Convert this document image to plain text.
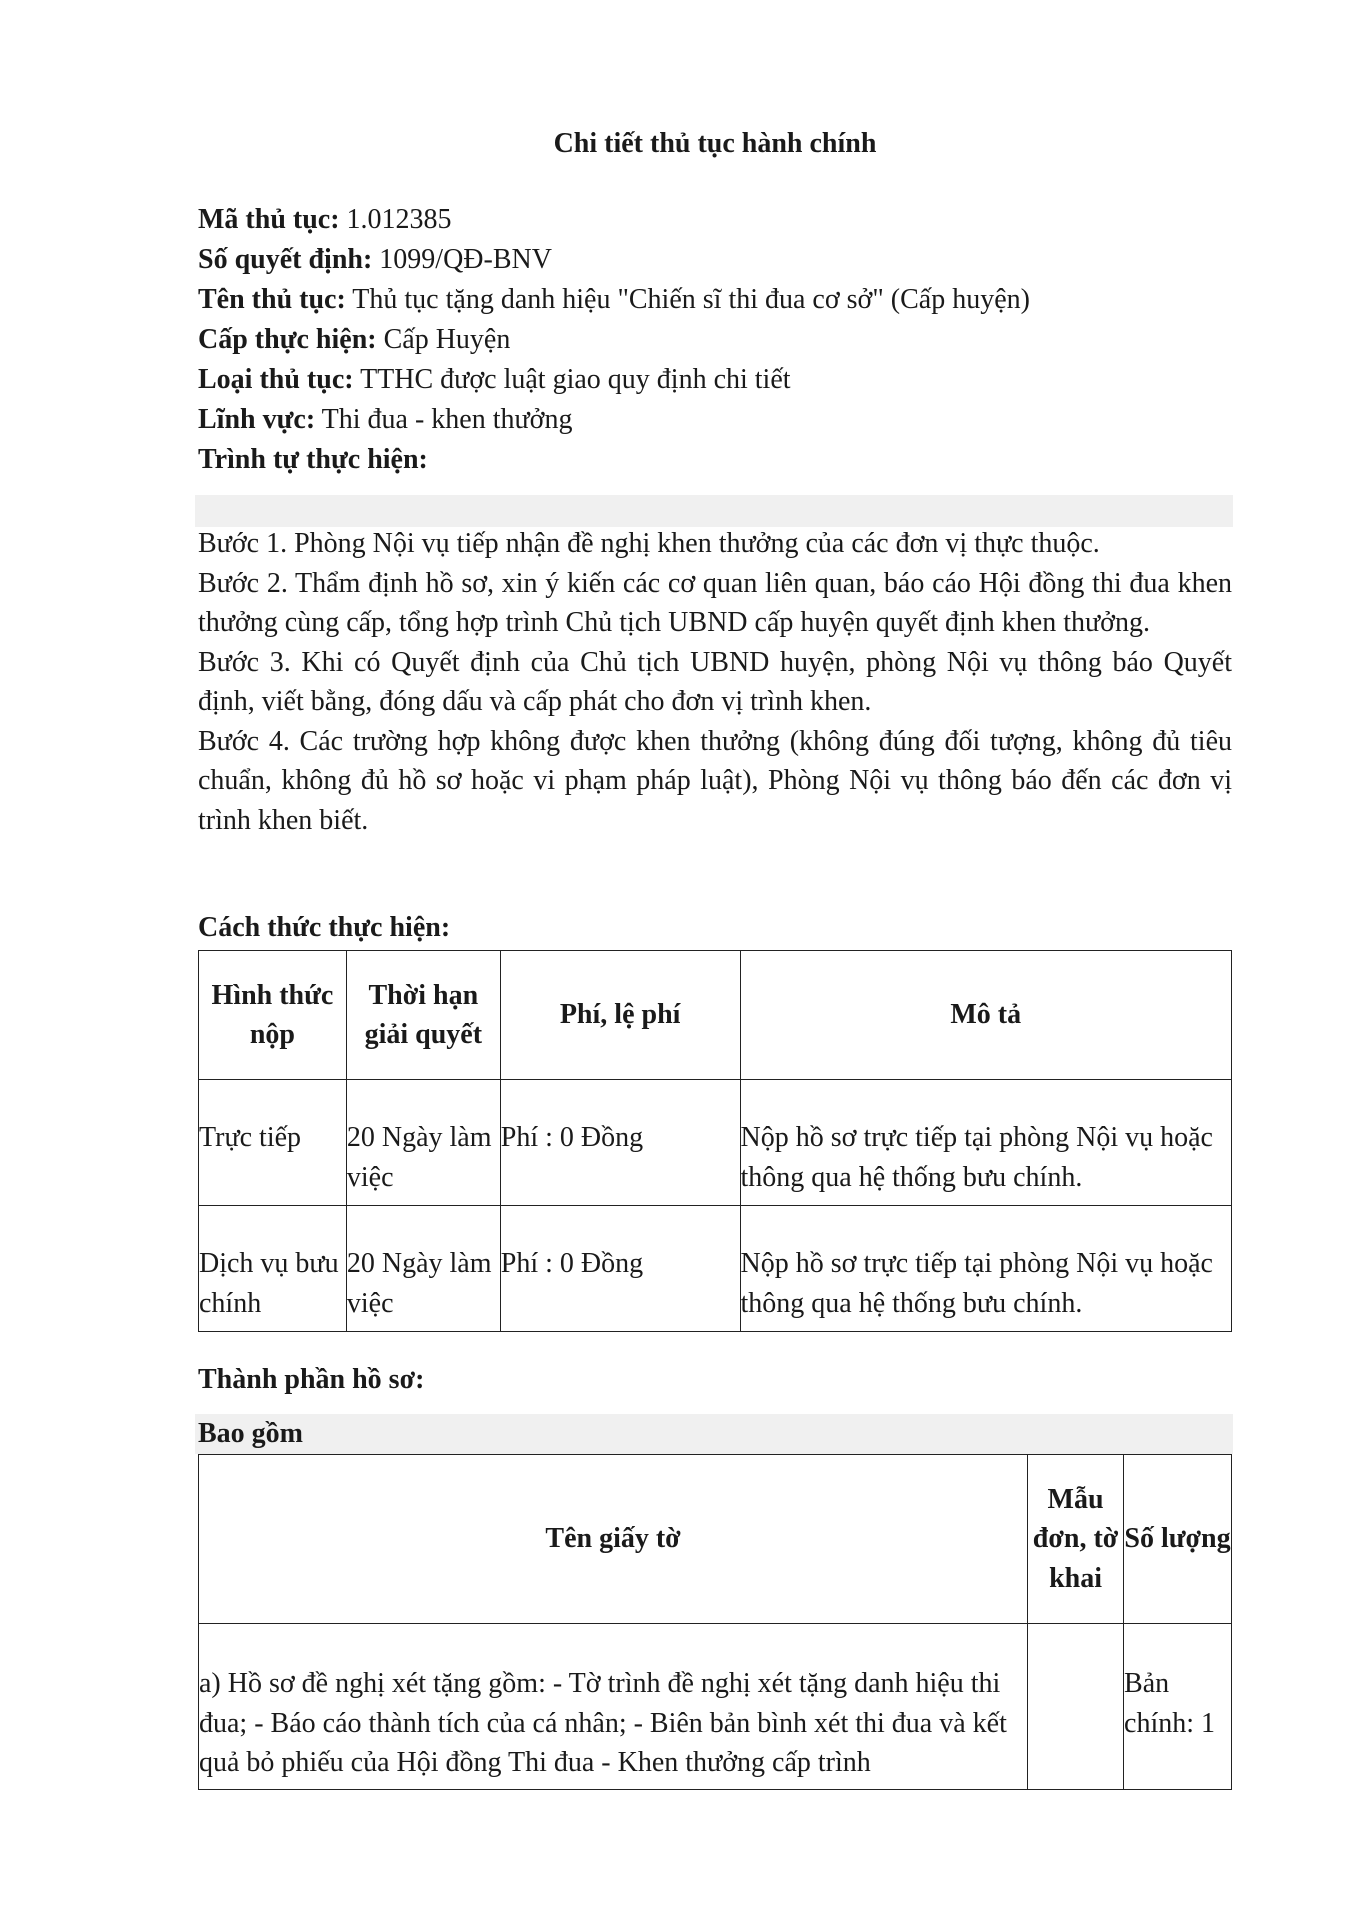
Chi tiết thủ tục hành chính
Mã thủ tục: 1.012385
Số quyết định: 1099/QĐ-BNV
Tên thủ tục: Thủ tục tặng danh hiệu "Chiến sĩ thi đua cơ sở" (Cấp huyện)
Cấp thực hiện: Cấp Huyện
Loại thủ tục: TTHC được luật giao quy định chi tiết
Lĩnh vực: Thi đua - khen thưởng
Trình tự thực hiện:

Bước 1. Phòng Nội vụ tiếp nhận đề nghị khen thưởng của các đơn vị thực thuộc.

Bước 2. Thẩm định hồ sơ, xin ý kiến các cơ quan liên quan, báo cáo Hội đồng thi đua khen thưởng cùng cấp, tổng hợp trình Chủ tịch UBND cấp huyện quyết định khen thưởng.

Bước 3. Khi có Quyết định của Chủ tịch UBND huyện, phòng Nội vụ thông báo Quyết định, viết bằng, đóng dấu và cấp phát cho đơn vị trình khen.

Bước 4. Các trường hợp không được khen thưởng (không đúng đối tượng, không đủ tiêu chuẩn, không đủ hồ sơ hoặc vi phạm pháp luật), Phòng Nội vụ thông báo đến các đơn vị trình khen biết.

Cách thức thực hiện:
Hình thức nộp	Thời hạn giải quyết	Phí, lệ phí	Mô tả
Trực tiếp	20 Ngày làm việc	Phí : 0 Đồng	Nộp hồ sơ trực tiếp tại phòng Nội vụ hoặc thông qua hệ thống bưu chính.
Dịch vụ bưu chính	20 Ngày làm việc	Phí : 0 Đồng	Nộp hồ sơ trực tiếp tại phòng Nội vụ hoặc thông qua hệ thống bưu chính.
Thành phần hồ sơ:
Bao gồm
Tên giấy tờ	Mẫu đơn, tờ khai	Số lượng
a) Hồ sơ đề nghị xét tặng gồm: - Tờ trình đề nghị xét tặng danh hiệu thi đua; - Báo cáo thành tích của cá nhân; - Biên bản bình xét thi đua và kết quả bỏ phiếu của Hội đồng Thi đua - Khen thưởng cấp trình		Bản chính: 1
